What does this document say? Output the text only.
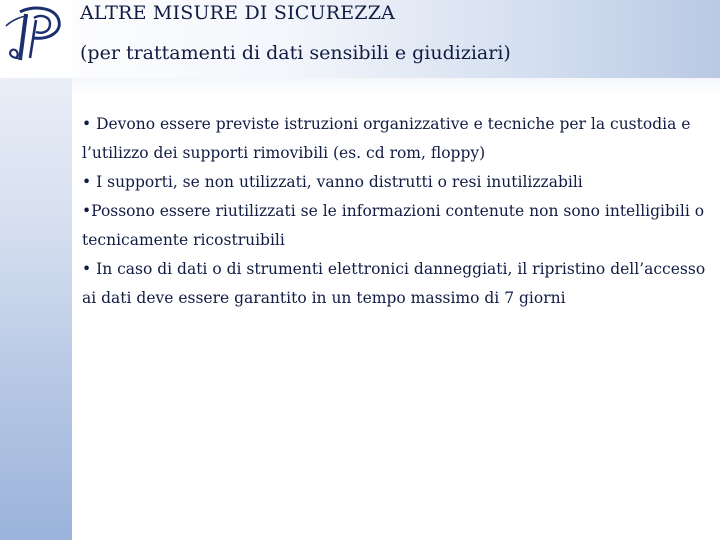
ALTRE MISURE DI SICUREZZA
(per trattamenti di dati sensibili e giudiziari)

• Devono essere previste istruzioni organizzative e tecniche per la custodia e l’utilizzo dei supporti rimovibili (es. cd rom, floppy)

• I supporti, se non utilizzati, vanno distrutti o resi inutilizzabili

•Possono essere riutilizzati se le informazioni contenute non sono intelligibili o tecnicamente ricostruibili

• In caso di dati o di strumenti elettronici danneggiati, il ripristino dell’accesso ai dati deve essere garantito in un tempo massimo di 7 giorni
